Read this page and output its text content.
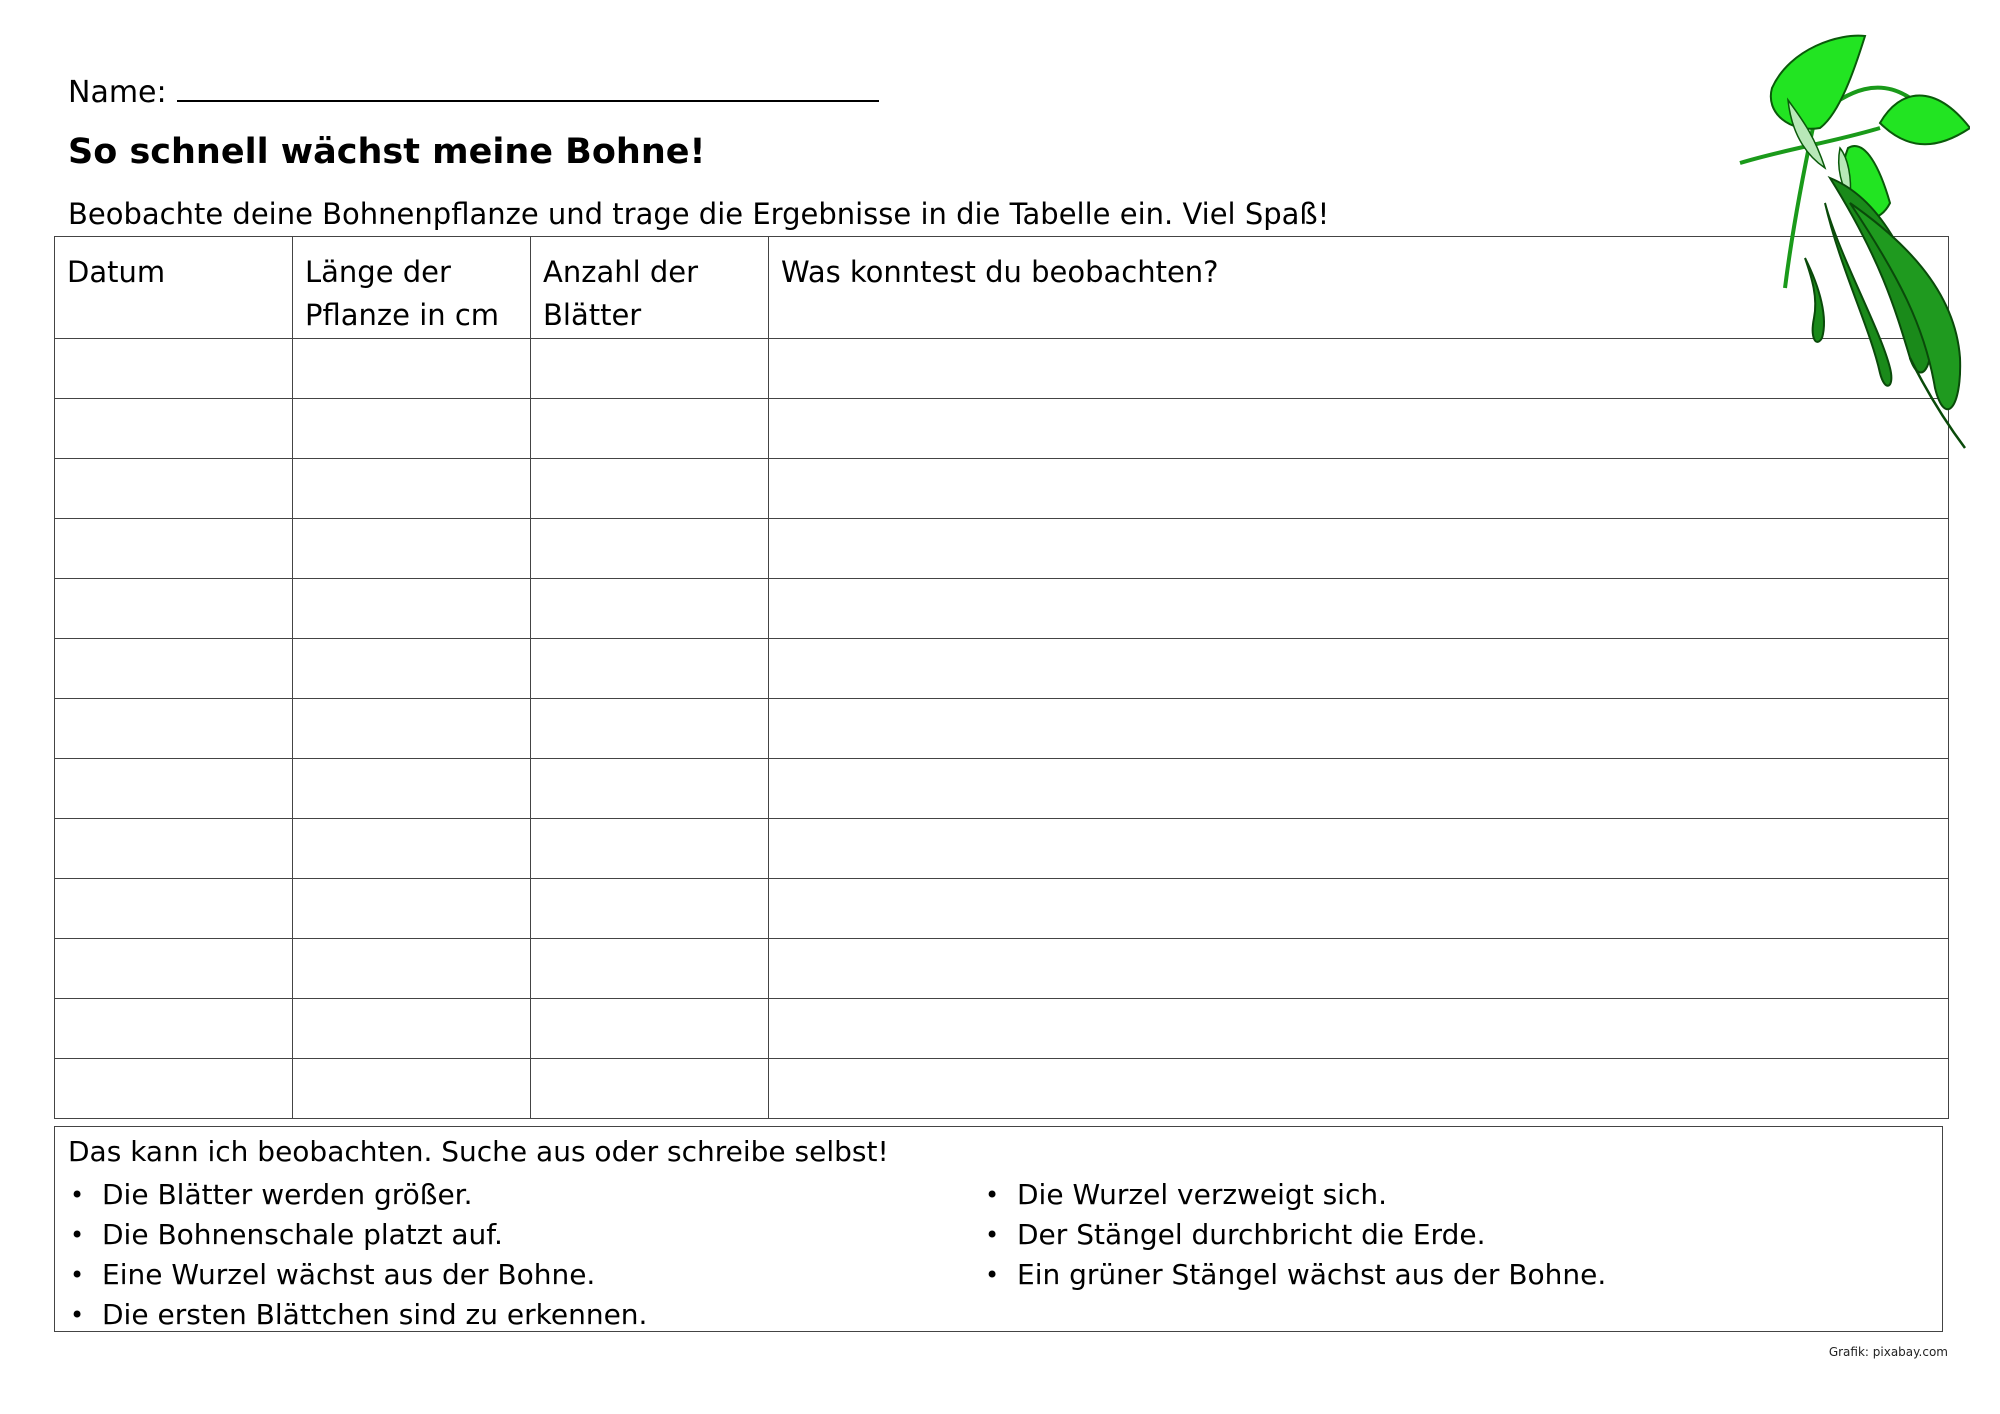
Name:
So schnell wächst meine Bohne!
Beobachte deine Bohnenpflanze und trage die Ergebnisse in die Tabelle ein. Viel Spaß!
Datum	Länge der Pflanze in cm	Anzahl der Blätter	Was konntest du beobachten?

Das kann ich beobachten. Suche aus oder schreibe selbst!
• Die Blätter werden größer.
• Die Bohnenschale platzt auf.
• Eine Wurzel wächst aus der Bohne.
• Die ersten Blättchen sind zu erkennen.
• Die Wurzel verzweigt sich.
• Der Stängel durchbricht die Erde.
• Ein grüner Stängel wächst aus der Bohne.
Grafik: pixabay.com
